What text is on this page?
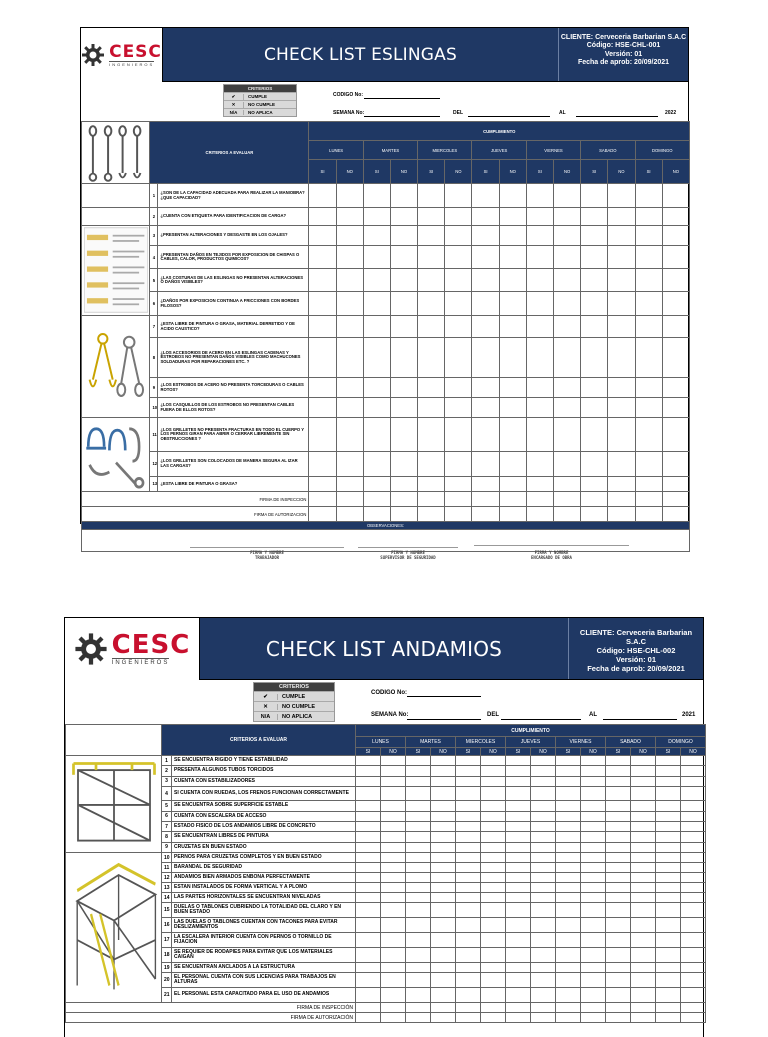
CESC
INGENIEROS	CHECK LIST ESLINGAS
CLIENTE: Cerveceria Barbarian S.A.C
Código: HSE-CHL-001
Versión: 01
Fecha de aprob: 20/09/2021
CRITERIOS
✔	CUMPLE
✕	NO CUMPLE
N/A	NO APLICA
CODIGO No:
SEMANA No:	DEL	AL	2022
	CRITERIOS A EVALUAR		CUMPLIMIENTO													
			LUNES		MARTES		MIERCOLES		JUEVES		VIERNES		SABADO		DOMINGO	
			SI	NO	SI	NO	SI	NO	SI	NO	SI	NO	SI	NO	SI	NO
	1	¿SON DE LA CAPACIDAD ADECUADA PARA REALIZAR LA MANIOBRA? ¿QUE CAPACIDAD?														
	2	¿CUENTA CON ETIQUETA PARA IDENTIFICACION DE CARGA?														
	3	¿PRESENTAN ALTERACIONES Y DESGASTE EN LOS OJALES?														
	4	¿PRESENTAN DAÑOS EN TEJIDOS POR EXPOSICION DE CHISPAS O CABLES, CALOR, PRODUCTOS QUIMICOS?														
	5	¿LAS COSTURAS DE LAS ESLINGAS NO PRESENTAN ALTERACIONES O DAÑOS VISIBLES?														
	6	¿DAÑOS POR EXPOSICION CONTINUA A FRICCIONES CON BORDES FILOSOS?														
	7	¿ESTA LIBRE DE PINTURA O GRASA, MATERIAL DERRETIDO Y DE ACIDO CAUSTICO?														
	8	¿LOS ACCESORIOS DE ACERO EN LAS ESLINGAS CADENAS Y ESTROBOS NO PRESENTAN DAÑOS VISIBLES COMO MACHUCONES SOLDADURAS POR REPARACIONES ETC. ?														
	9	¿LOS ESTROBOS DE ACERO NO PRESENTA TORCEDURAS O CABLES ROTOS?														
	10	¿LOS CASQUILLOS DE LOS ESTROBOS NO PRESENTAN CABLES FUERA DE ELLOS ROTOS?														
	11	¿LOS GRILLETES NO PRESENTA FRACTURAS EN TODO EL CUERPO Y LOS PERNOS GIRAN PARA ABRIR O CERRAR LIBREMENTE SIN OBSTRUCCIONES ?														
	12	¿LOS GRILLETES SON COLOCADOS DE MANERA SEGURA AL IZAR LAS CARGAS?														
	13	¿ESTA LIBRE DE PINTURA O GRASA?														
FIRMA DE INSPECCION																
FIRMA DE AUTORIZACION																
OBSERVACIONES:																

FIRMA Y NOMBRE
TRABAJADOR
FIRMA Y NOMBRE
SUPERVISOR DE SEGURIDAD
FIRMA Y NOMBRE
ENCARGADO DE OBRA
CESC
INGENIEROS
CHECK LIST ANDAMIOS
CLIENTE: Cerveceria Barbarian S.A.C
Código: HSE-CHL-002
Versión: 01
Fecha de aprob: 20/09/2021
CRITERIOS
✔	CUMPLE
✕	NO CUMPLE
N/A	NO APLICA
CODIGO No:
SEMANA No:	DEL	AL	2021
	CRITERIOS A EVALUAR		CUMPLIMIENTO													
			LUNES		MARTES		MIERCOLES		JUEVES		VIERNES		SABADO		DOMINGO	
			SI	NO	SI	NO	SI	NO	SI	NO	SI	NO	SI	NO	SI	NO
	1	SE ENCUENTRA RIGIDO Y TIENE ESTABILIDAD														
	2	PRESENTA ALGUNOS TUBOS TORCIDOS														
	3	CUENTA CON ESTABILIZADORES														
	4	SI CUENTA CON RUEDAS, LOS FRENOS FUNCIONAN CORRECTAMENTE														
	5	SE ENCUENTRA SOBRE SUPERFICIE ESTABLE														
	6	CUENTA CON ESCALERA DE ACCESO														
	7	ESTADO FISICO DE LOS ANDAMIOS LIBRE DE CONCRETO														
	8	SE ENCUENTRAN LIBRES DE PINTURA														
	9	CRUZETAS EN BUEN ESTADO														
	10	PERNOS PARA CRUZETAS COMPLETOS Y EN BUEN ESTADO														
	11	BARANDAL DE SEGURIDAD														
	12	ANDAMIOS BIEN ARMADOS ENBONA PERFECTAMENTE														
	13	ESTAN INSTALADOS DE FORMA VERTICAL Y A PLOMO														
	14	LAS PARTES HORIZONTALES SE ENCUENTRAN NIVELADAS														
	15	DUELAS O TABLONES CUBRIENDO LA TOTALIDAD DEL CLARO Y EN BUEN ESTADO														
	16	LAS DUELAS O TABLONES CUENTAN CON TACONES PARA EVITAR DESLIZAMIENTOS														
	17	LA ESCALERA INTERIOR CUENTA CON PERNOS O TORNILLO DE FIJACION														
	18	SE REQUIER DE RODAPIES PARA EVITAR QUE LOS MATERIALES CAIGAN														
	19	SE ENCUENTRAN ANCLADOS A LA ESTRUCTURA														
	20	EL PERSONAL CUENTA CON SUS LICENCIAS PARA TRABAJOS EN ALTURAS														
	21	EL PERSONAL ESTA CAPACITADO PARA EL USO DE ANDAMIOS														
FIRMA DE INSPECCIÓN																
FIRMA DE AUTORIZACIÓN																
